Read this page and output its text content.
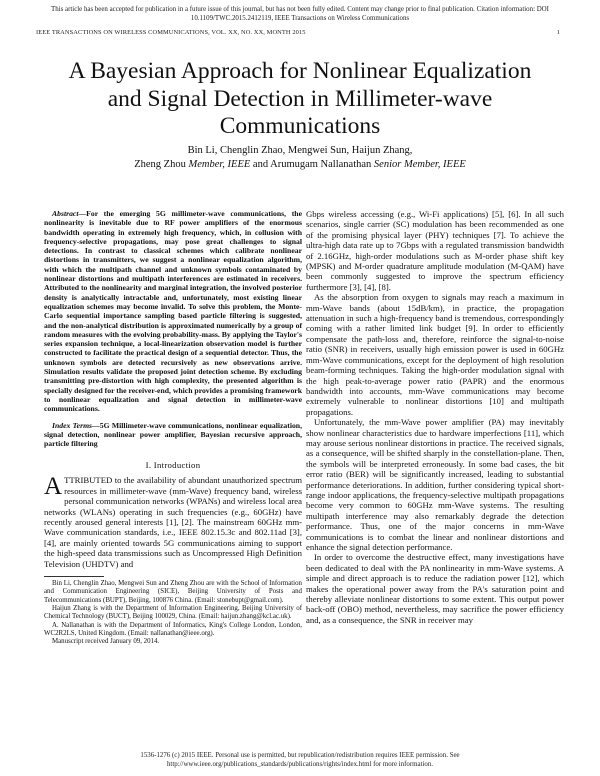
This article has been accepted for publication in a future issue of this journal, but has not been fully edited. Content may change prior to final publication. Citation information: DOI
10.1109/TWC.2015.2412119, IEEE Transactions on Wireless Communications
IEEE TRANSACTIONS ON WIRELESS COMMUNICATIONS, VOL. XX, NO. XX, MONTH 2015	1
A Bayesian Approach for Nonlinear Equalization
and Signal Detection in Millimeter-wave
Communications
Bin Li, Chenglin Zhao, Mengwei Sun, Haijun Zhang,
Zheng Zhou Member, IEEE and Arumugam Nallanathan Senior Member, IEEE

Abstract—For the emerging 5G millimeter-wave communications, the nonlinearity is inevitable due to RF power amplifiers of the enormous bandwidth operating in extremely high frequency, which, in collusion with frequency-selective propagations, may pose great challenges to signal detections. In contrast to classical schemes which calibrate nonlinear distortions in transmitters, we suggest a nonlinear equalization algorithm, with which the multipath channel and unknown symbols contaminated by nonlinear distortions and multipath interferences are estimated in receivers. Attributed to the nonlinearity and marginal integration, the involved posterior density is analytically intractable and, unfortunately, most existing linear equalization schemes may become invalid. To solve this problem, the Monte-Carlo sequential importance sampling based particle filtering is suggested, and the non-analytical distribution is approximated numerically by a group of random measures with the evolving probability-mass. By applying the Taylor's series expansion technique, a local-linearization observation model is further constructed to facilitate the practical design of a sequential detector. Thus, the unknown symbols are detected recursively as new observations arrive. Simulation results validate the proposed joint detection scheme. By excluding transmitting pre-distortion with high complexity, the presented algorithm is specially designed for the receiver-end, which provides a promising framework to nonlinear equalization and signal detection in millimeter-wave communications.

Index Terms—5G Millimeter-wave communications, nonlinear equalization, signal detection, nonlinear power amplifier, Bayesian recursive approach, particle filtering

I. Introduction

ATTRIBUTED to the availability of abundant unauthorized spectrum resources in millimeter-wave (mm-Wave) frequency band, wireless personal communication networks (WPANs) and wireless local area networks (WLANs) operating in such frequencies (e.g., 60GHz) have recently aroused general interests [1], [2]. The mainstream 60GHz mm-Wave communication standards, i.e., IEEE 802.15.3c and 802.11ad [3], [4], are mainly oriented towards 5G communications aiming to support the high-speed data transmissions such as Uncompressed High Definition Television (UHDTV) and

Bin Li, Chenglin Zhao, Mengwei Sun and Zheng Zhou are with the School of Information and Communication Engineering (SICE), Beijing University of Posts and Telecommunications (BUPT), Beijing, 100876 China. (Email: stonebupt@gmail.com).

Haijun Zhang is with the Department of Information Engineering, Beijing University of Chemical Technology (BUCT), Beijing 100029, China. (Email: haijun.zhang@kcl.ac.uk).

A. Nallanathan is with the Department of Informatics, King's College London, London, WC2R2LS, United Kingdom. (Email: nallanathan@ieee.org).

Manuscript received January 09, 2014.

Gbps wireless accessing (e.g., Wi-Fi applications) [5], [6]. In all such scenarios, single carrier (SC) modulation has been recommended as one of the promising physical layer (PHY) techniques [7]. To achieve the ultra-high data rate up to 7Gbps with a regulated transmission bandwidth of 2.16GHz, high-order modulations such as M-order phase shift key (MPSK) and M-order quadrature amplitude modulation (M-QAM) have been commonly suggested to improve the spectrum efficiency furthermore [3], [4], [8].

As the absorption from oxygen to signals may reach a maximum in mm-Wave bands (about 15dB/km), in practice, the propagation attenuation in such a high-frequency band is tremendous, correspondingly coming with a rather limited link budget [9]. In order to efficiently compensate the path-loss and, therefore, reinforce the signal-to-noise ratio (SNR) in receivers, usually high emission power is used in 60GHz mm-Wave communications, except for the deployment of high resolution beam-forming techniques. Taking the high-order modulation signal with the high peak-to-average power ratio (PAPR) and the enormous bandwidth into accounts, mm-Wave communications may become extremely vulnerable to nonlinear distortions [10] and multipath propagations.

Unfortunately, the mm-Wave power amplifier (PA) may inevitably show nonlinear characteristics due to hardware imperfections [11], which may arouse serious nonlinear distortions in practice. The received signals, as a consequence, will be shifted sharply in the constellation-plane. Then, the symbols will be interpreted erroneously. In some bad cases, the bit error ratio (BER) will be significantly increased, leading to substantial performance deteriorations. In addition, further considering typical short-range indoor applications, the frequency-selective multipath propagations become very common to 60GHz mm-Wave systems. The resulting multipath interference may also remarkably degrade the detection performance. Thus, one of the major concerns in mm-Wave communications is to combat the linear and nonlinear distortions and enhance the signal detection performance.

In order to overcome the destructive effect, many investigations have been dedicated to deal with the PA nonlinearity in mm-Wave systems. A simple and direct approach is to reduce the radiation power [12], which makes the operational power away from the PA's saturation point and thereby alleviate nonlinear distortions to some extent. This output power back-off (OBO) method, nevertheless, may sacrifice the power efficiency and, as a consequence, the SNR in receiver may

1536-1276 (c) 2015 IEEE. Personal use is permitted, but republication/redistribution requires IEEE permission. See
http://www.ieee.org/publications_standards/publications/rights/index.html for more information.
